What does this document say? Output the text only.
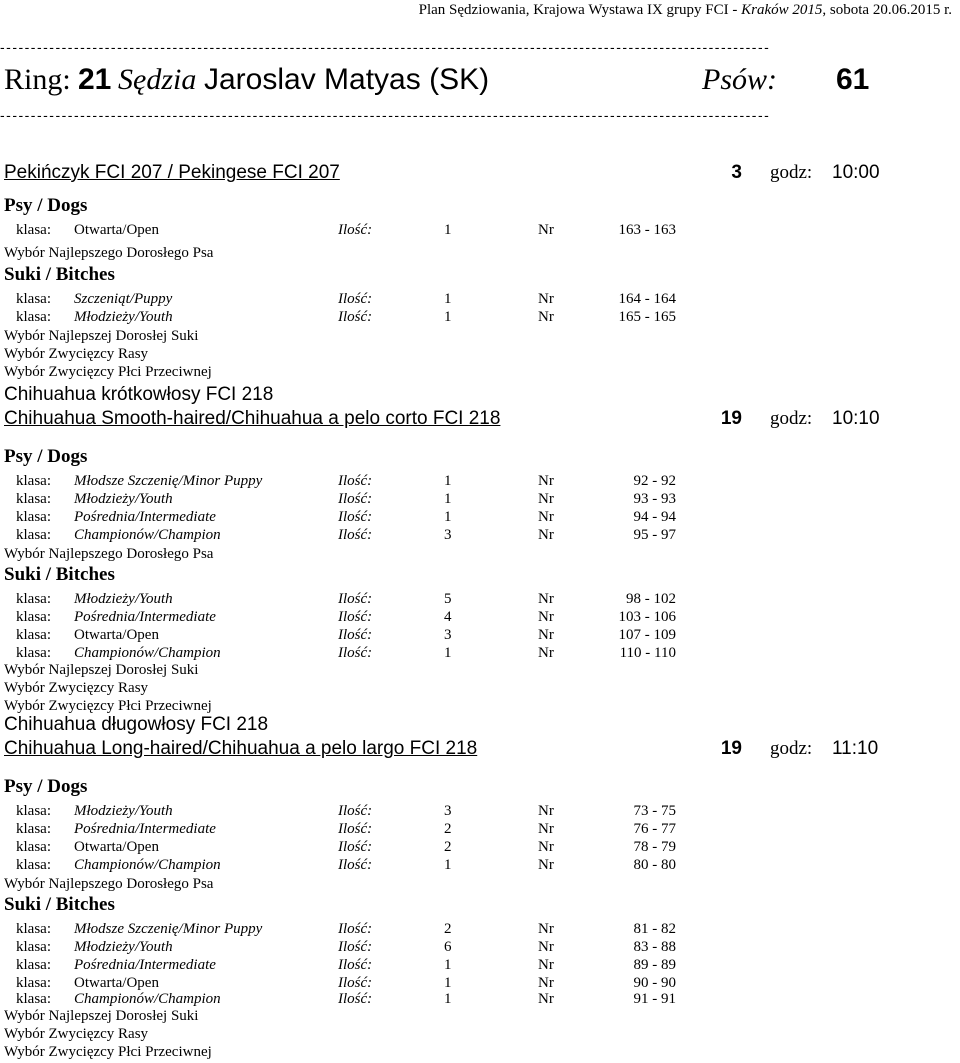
Plan Sędziowania, Krajowa Wystawa IX grupy FCI - Kraków 2015, sobota 20.06.2015 r.
-----------------------------------------------------------------------------------------------------------------------------
Ring: 21 Sędzia Jaroslav Matyas (SK)	Psów: 61
-----------------------------------------------------------------------------------------------------------------------------
Pekińczyk FCI 207 / Pekingese FCI 207	3 godz: 10:00
Psy / Dogs
klasa: Otwarta/Open	Ilość:	1	Nr	163 - 163
Wybór Najlepszego Dorosłego Psa
Suki / Bitches
klasa: Szczeniąt/Puppy	Ilość:	1	Nr	164 - 164
klasa: Młodzieży/Youth	Ilość:	1	Nr	165 - 165
Wybór Najlepszej Dorosłej Suki
Wybór Zwycięzcy Rasy
Wybór Zwycięzcy Płci Przeciwnej
Chihuahua krótkowłosy FCI 218
Chihuahua Smooth-haired/Chihuahua a pelo corto FCI 218	19 godz: 10:10
Psy / Dogs
klasa: Młodsze Szczenię/Minor Puppy	Ilość:	1	Nr	92 - 92
klasa: Młodzieży/Youth	Ilość:	1	Nr	93 - 93
klasa: Pośrednia/Intermediate	Ilość:	1	Nr	94 - 94
klasa: Championów/Champion	Ilość:	3	Nr	95 - 97
Wybór Najlepszego Dorosłego Psa
Suki / Bitches
klasa: Młodzieży/Youth	Ilość:	5	Nr	98 - 102
klasa: Pośrednia/Intermediate	Ilość:	4	Nr	103 - 106
klasa: Otwarta/Open	Ilość:	3	Nr	107 - 109
klasa: Championów/Champion	Ilość:	1	Nr	110 - 110
Wybór Najlepszej Dorosłej Suki
Wybór Zwycięzcy Rasy
Wybór Zwycięzcy Płci Przeciwnej
Chihuahua długowłosy FCI 218
Chihuahua Long-haired/Chihuahua a pelo largo FCI 218	19 godz: 11:10
Psy / Dogs
klasa: Młodzieży/Youth	Ilość:	3	Nr	73 - 75
klasa: Pośrednia/Intermediate	Ilość:	2	Nr	76 - 77
klasa: Otwarta/Open	Ilość:	2	Nr	78 - 79
klasa: Championów/Champion	Ilość:	1	Nr	80 - 80
Wybór Najlepszego Dorosłego Psa
Suki / Bitches
klasa: Młodsze Szczenię/Minor Puppy	Ilość:	2	Nr	81 - 82
klasa: Młodzieży/Youth	Ilość:	6	Nr	83 - 88
klasa: Pośrednia/Intermediate	Ilość:	1	Nr	89 - 89
klasa: Otwarta/Open	Ilość:	1	Nr	90 - 90
klasa: Championów/Champion	Ilość:	1	Nr	91 - 91
Wybór Najlepszej Dorosłej Suki
Wybór Zwycięzcy Rasy
Wybór Zwycięzcy Płci Przeciwnej
